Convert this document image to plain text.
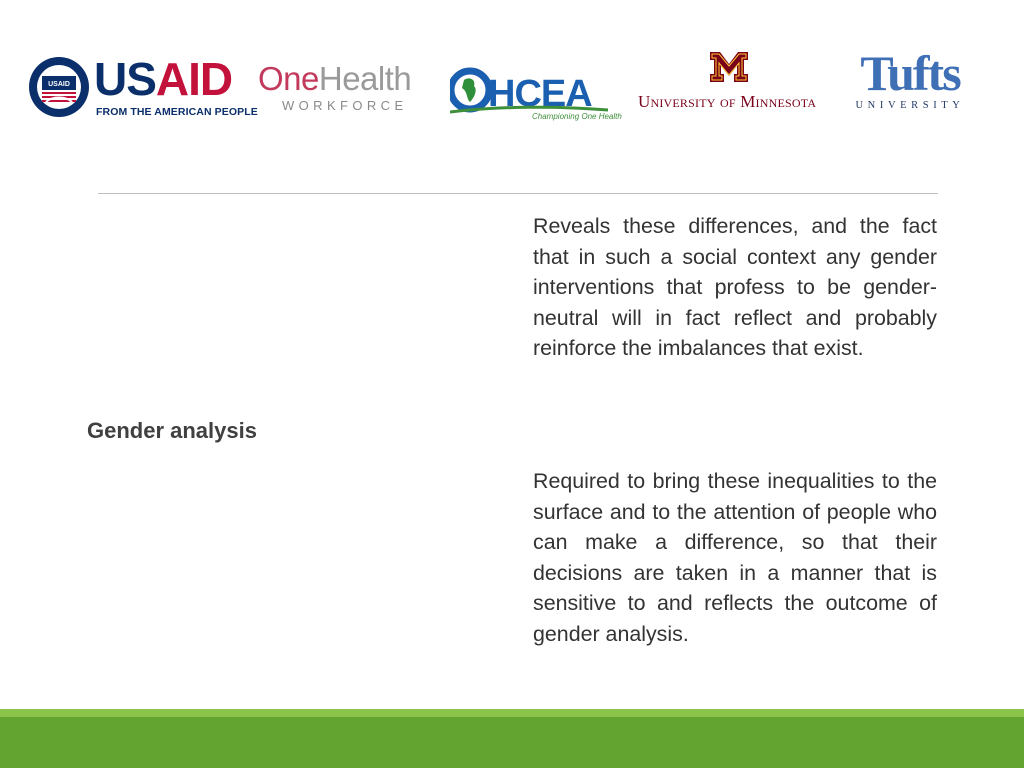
USAID USAID
FROM THE AMERICAN PEOPLE
OneHealth
WORKFORCE	HCEA
Championing One Health
University of Minnesota
Tufts
UNIVERSITY
Gender analysis

Reveals these differences, and the fact that in such a social context any gender interventions that profess to be gender-neutral will in fact reflect and probably reinforce the imbalances that exist.

Required to bring these inequalities to the surface and to the attention of people who can make a difference, so that their decisions are taken in a manner that is sensitive to and reflects the outcome of gender analysis.
